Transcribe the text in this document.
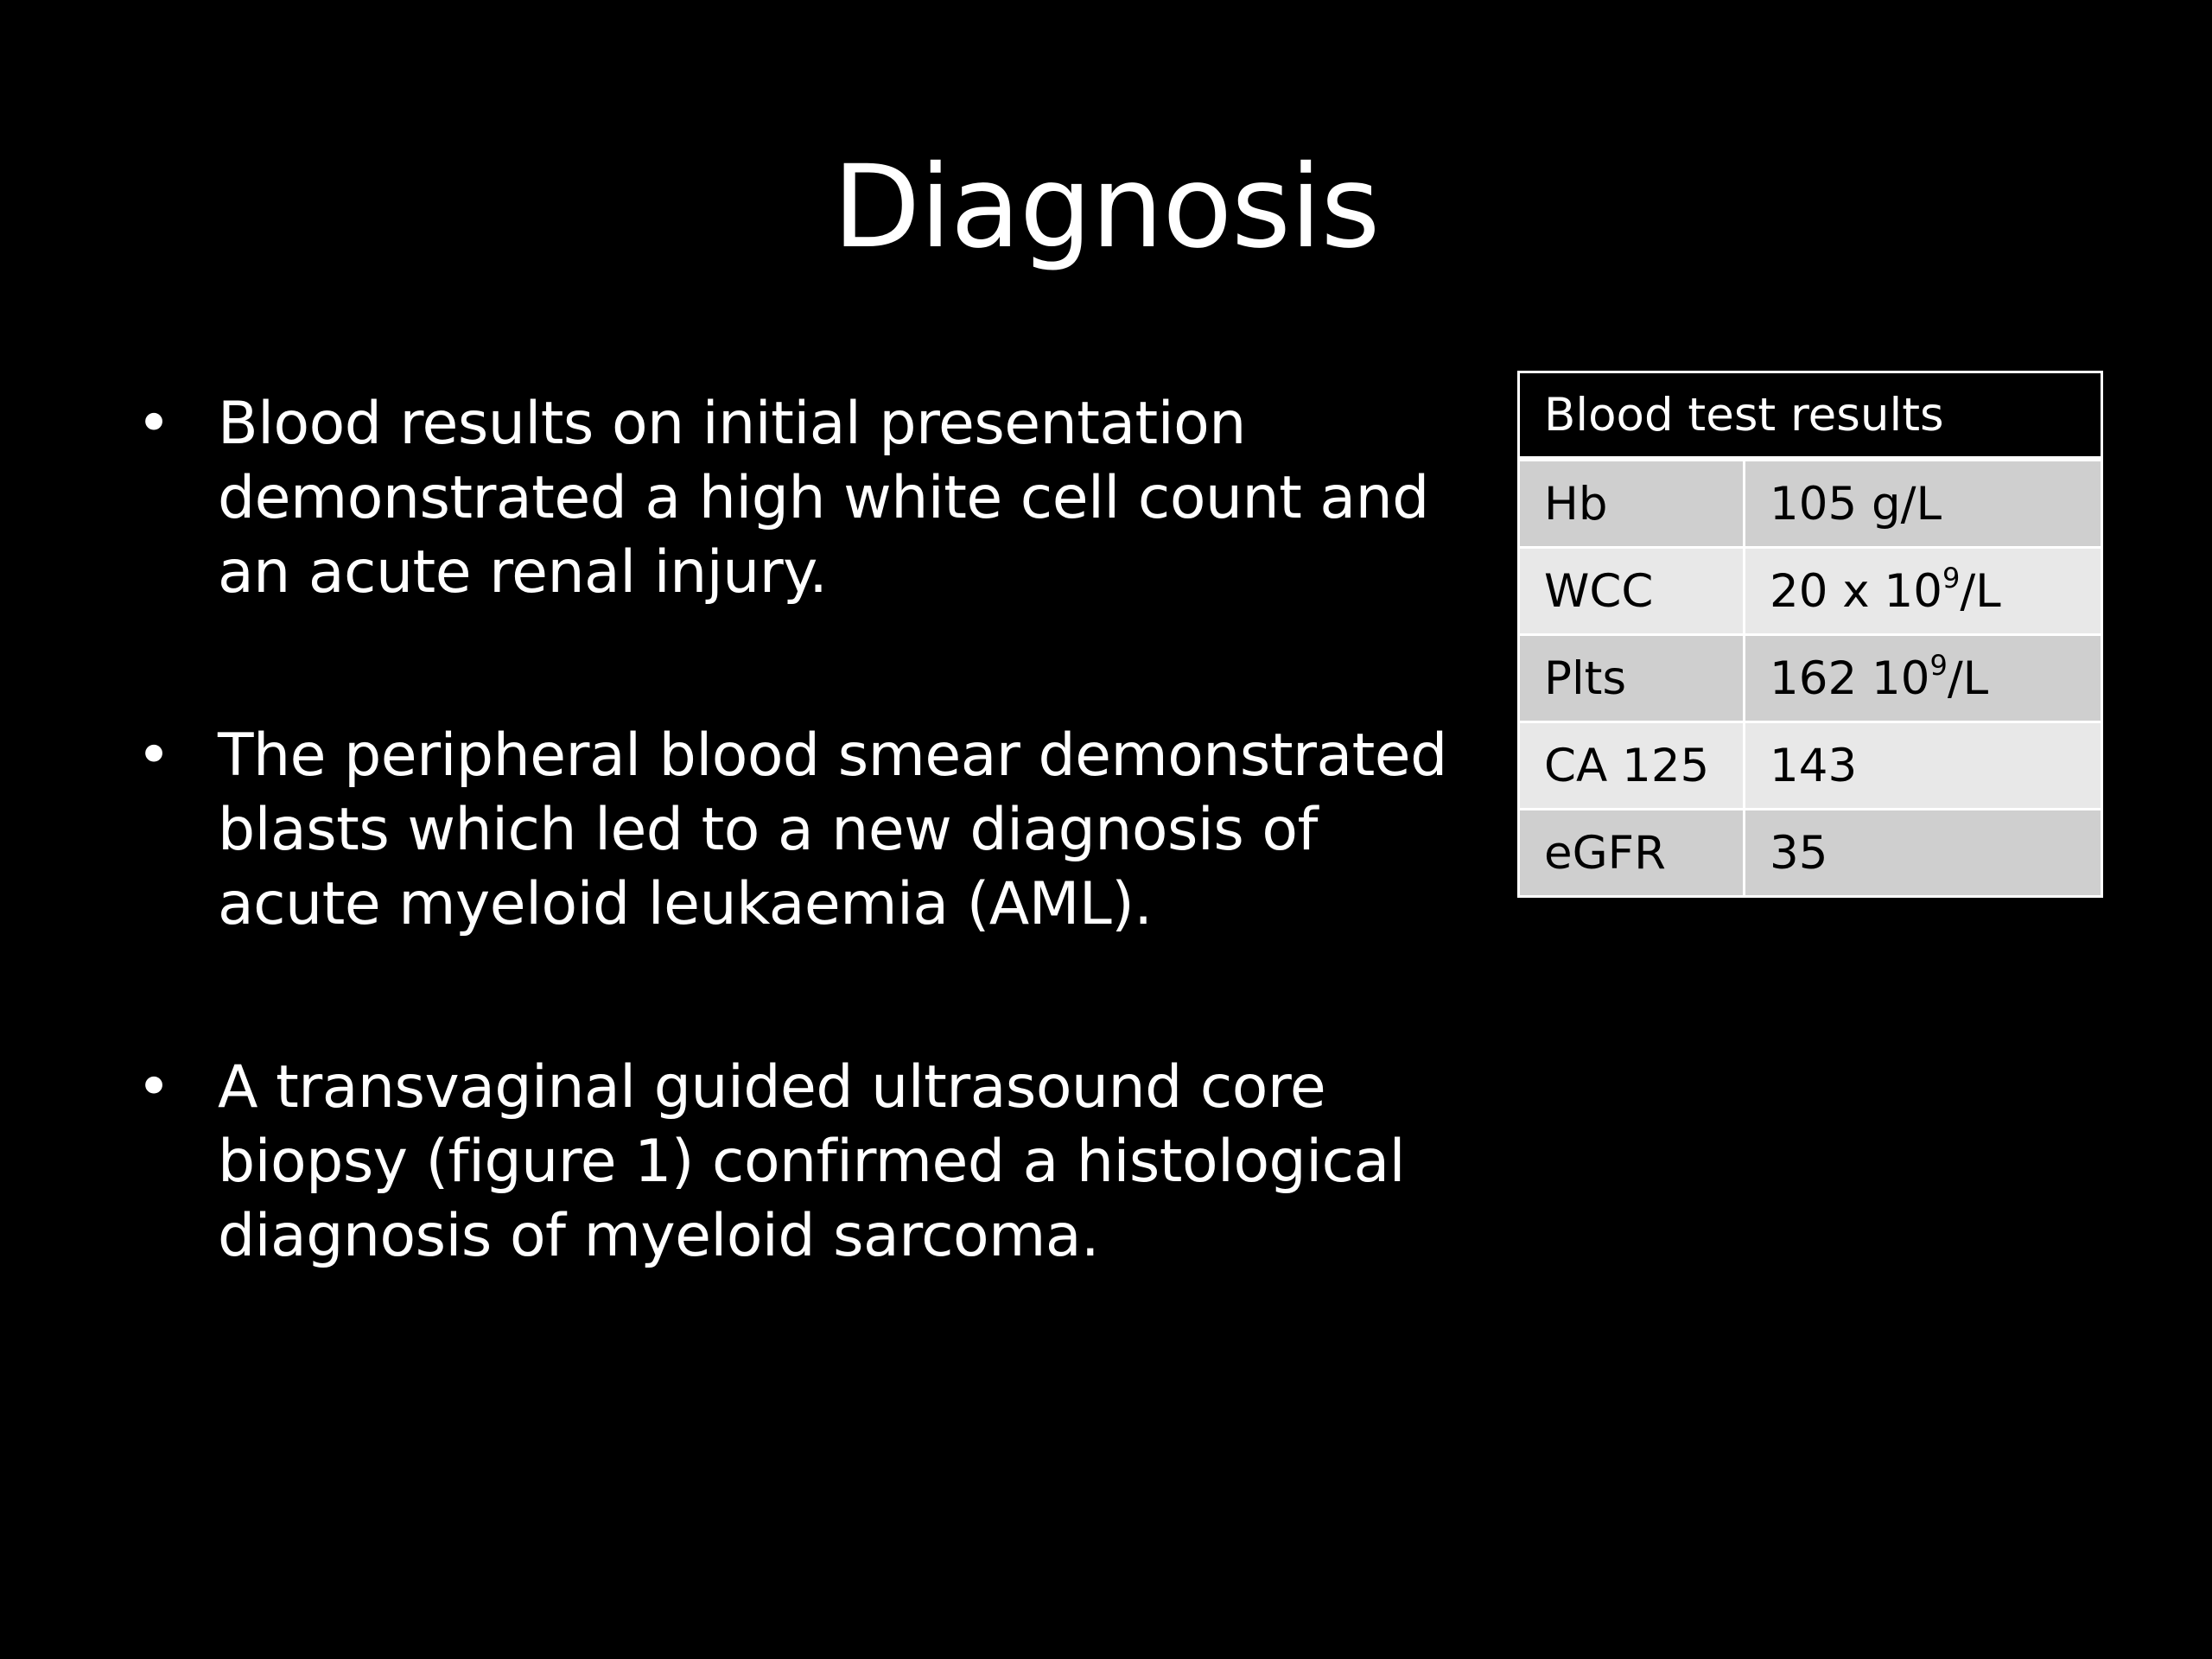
Diagnosis
• Blood results on initial presentation demonstrated a high white cell count and an acute renal injury.
• The peripheral blood smear demonstrated blasts which led to a new diagnosis of acute myeloid leukaemia (AML).
• A transvaginal guided ultrasound core biopsy (figure 1) confirmed a histological diagnosis of myeloid sarcoma.
Blood test results	
Hb	105 g/L
WCC	20 x $10^9/L$
Plts	162 $10^9/L$
CA 125	143
eGFR	35
